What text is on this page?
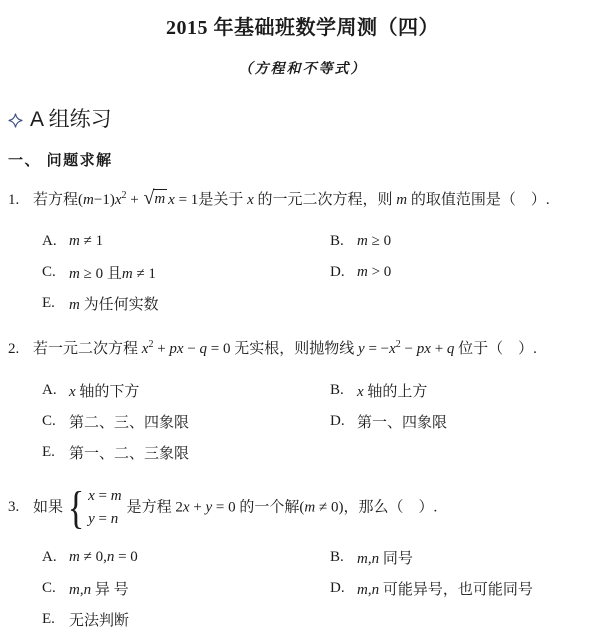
2015 年基础班数学周测（四）
（方程和不等式）
A 组练习
一、 问题求解
1. 若方程$(m-1)x^2$ + √ m x = 1是关于 x 的一元二次方程，则 m 的取值范围是（　）.
A. m ≠ 1	B. m ≥ 0
C. m ≥ 0 且m ≠ 1	D. m > 0
E. m 为任何实数
2. 若一元二次方程 $x^2$ + px − q = 0 无实根，则抛物线 $y = -x^2$ − px + q 位于（　）.
A. x 轴的下方	B. x 轴的上方
C. 第二、三、四象限	D. 第一、四象限
E. 第一、二、三象限
3. 如果 { x = m
y = n
是方程 2x + y = 0 的一个解(m ≠ 0)，那么（　）.
A. m ≠ 0,n = 0	B. m,n 同号
C. m,n 异 号	D. m,n 可能异号，也可能同号
E. 无法判断
